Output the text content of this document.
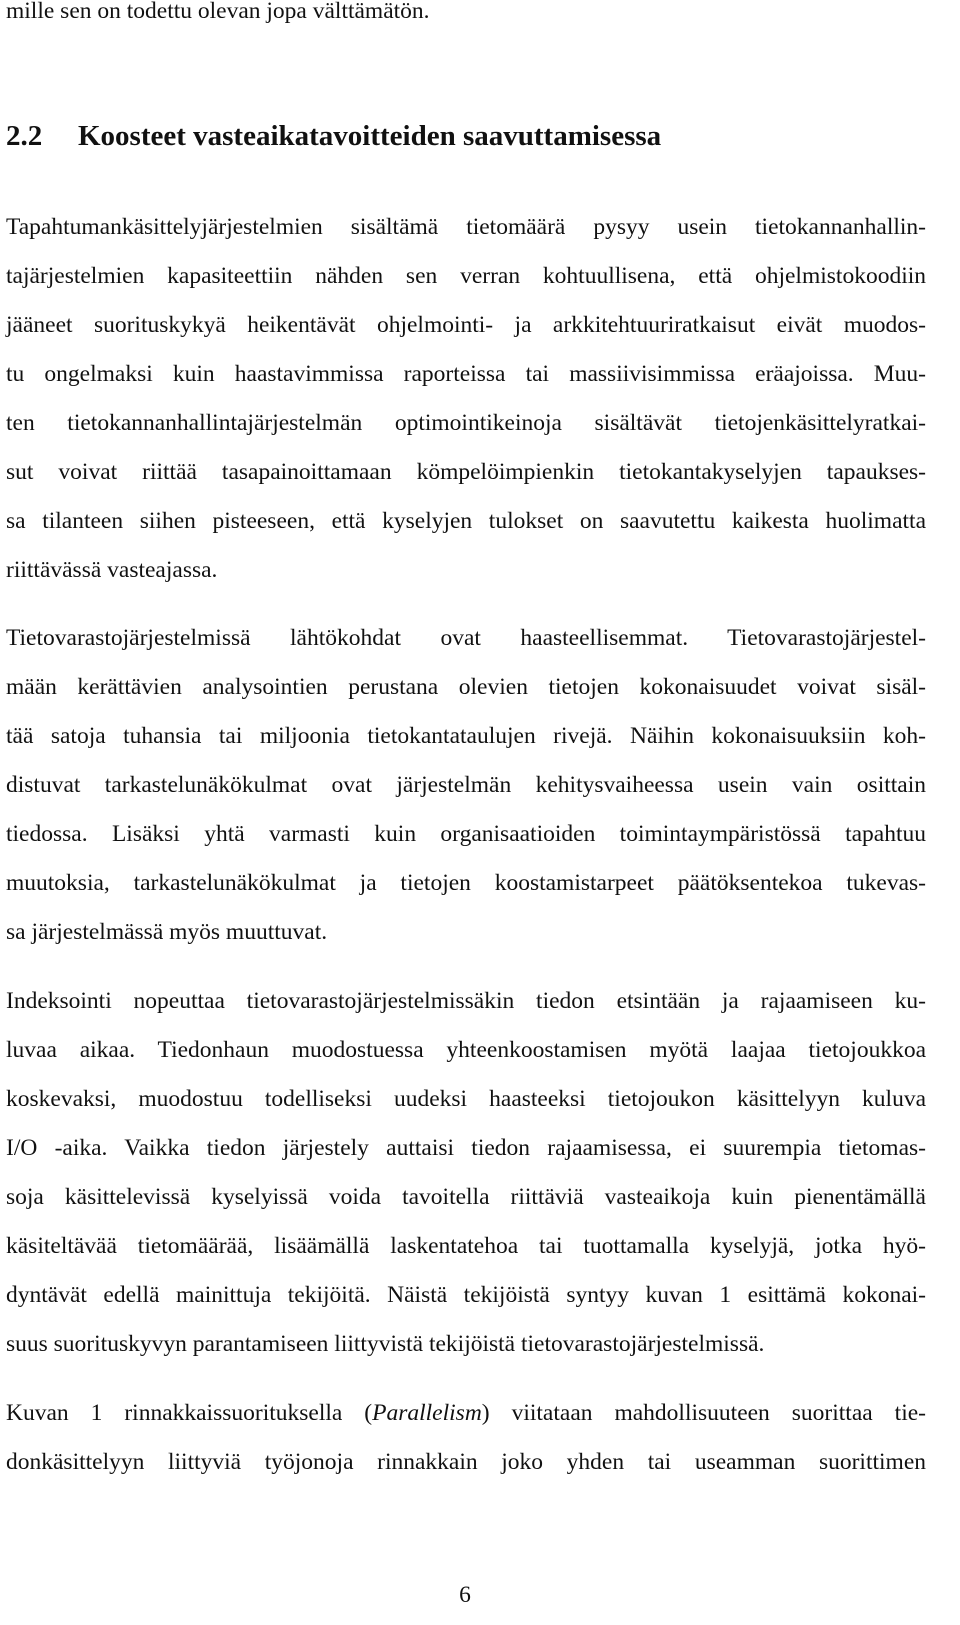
mille sen on todettu olevan jopa välttämätön.
2.2 Koosteet vasteaikatavoitteiden saavuttamisessa
Tapahtumankäsittelyjärjestelmien sisältämä tietomäärä pysyy usein tietokannanhallin-
tajärjestelmien kapasiteettiin nähden sen verran kohtuullisena, että ohjelmistokoodiin
jääneet suorituskykyä heikentävät ohjelmointi- ja arkkitehtuuriratkaisut eivät muodos-
tu ongelmaksi kuin haastavimmissa raporteissa tai massiivisimmissa eräajoissa. Muu-
ten tietokannanhallintajärjestelmän optimointikeinoja sisältävät tietojenkäsittelyratkai-
sut voivat riittää tasapainoittamaan kömpelöimpienkin tietokantakyselyjen tapaukses-
sa tilanteen siihen pisteeseen, että kyselyjen tulokset on saavutettu kaikesta huolimatta
riittävässä vasteajassa.
Tietovarastojärjestelmissä lähtökohdat ovat haasteellisemmat. Tietovarastojärjestel-
mään kerättävien analysointien perustana olevien tietojen kokonaisuudet voivat sisäl-
tää satoja tuhansia tai miljoonia tietokantataulujen rivejä. Näihin kokonaisuuksiin koh-
distuvat tarkastelunäkökulmat ovat järjestelmän kehitysvaiheessa usein vain osittain
tiedossa. Lisäksi yhtä varmasti kuin organisaatioiden toimintaympäristössä tapahtuu
muutoksia, tarkastelunäkökulmat ja tietojen koostamistarpeet päätöksentekoa tukevas-
sa järjestelmässä myös muuttuvat.
Indeksointi nopeuttaa tietovarastojärjestelmissäkin tiedon etsintään ja rajaamiseen ku-
luvaa aikaa. Tiedonhaun muodostuessa yhteenkoostamisen myötä laajaa tietojoukkoa
koskevaksi, muodostuu todelliseksi uudeksi haasteeksi tietojoukon käsittelyyn kuluva
I/O -aika. Vaikka tiedon järjestely auttaisi tiedon rajaamisessa, ei suurempia tietomas-
soja käsittelevissä kyselyissä voida tavoitella riittäviä vasteaikoja kuin pienentämällä
käsiteltävää tietomäärää, lisäämällä laskentatehoa tai tuottamalla kyselyjä, jotka hyö-
dyntävät edellä mainittuja tekijöitä. Näistä tekijöistä syntyy kuvan 1 esittämä kokonai-
suus suorituskyvyn parantamiseen liittyvistä tekijöistä tietovarastojärjestelmissä.
Kuvan 1 rinnakkaissuorituksella (Parallelism) viitataan mahdollisuuteen suorittaa tie-
donkäsittelyyn liittyviä työjonoja rinnakkain joko yhden tai useamman suorittimen
6
